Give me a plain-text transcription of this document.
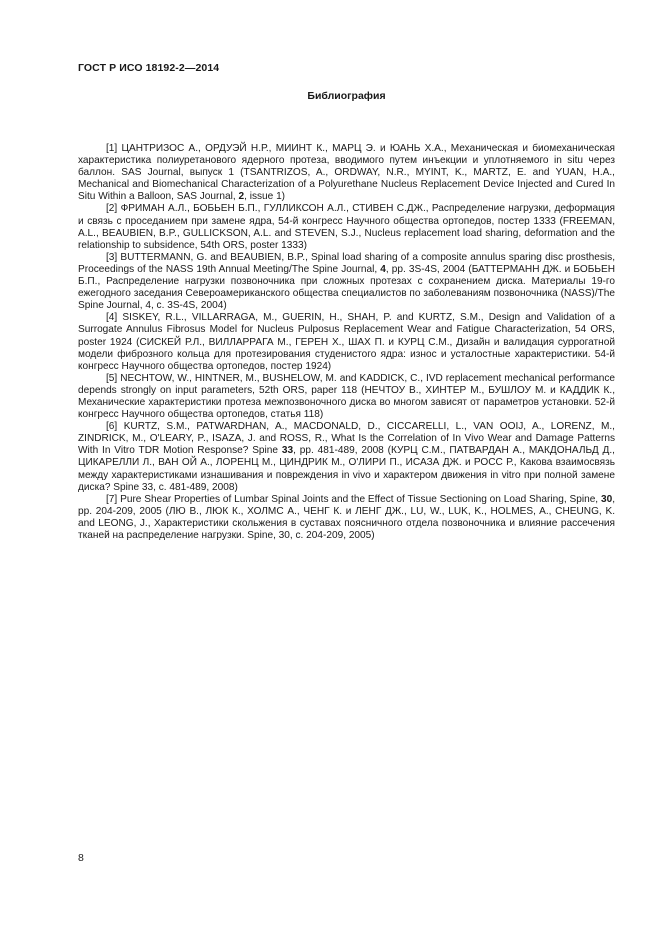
ГОСТ Р ИСО 18192-2—2014
Библиография

[1] ЦАНТРИЗОС А., ОРДУЭЙ Н.Р., МИИНТ К., МАРЦ Э. и ЮАНЬ Х.А., Механическая и биомеханическая характеристика полиуретанового ядерного протеза, вводимого путем инъекции и уплотняемого in situ через баллон. SAS Journal, выпуск 1 (TSANTRIZOS, A., ORDWAY, N.R., MYINT, K., MARTZ, E. and YUAN, H.A., Mechanical and Biomechanical Characterization of a Polyurethane Nucleus Replacement Device Injected and Cured In Situ Within a Balloon, SAS Journal, 2, issue 1)

[2] ФРИМАН А.Л., БОБЬЕН Б.П., ГУЛЛИКСОН А.Л., СТИВЕН С.ДЖ., Распределение нагрузки, деформация и связь с проседанием при замене ядра, 54-й конгресс Научного общества ортопедов, постер 1333 (FREEMAN, A.L., BEAUBIEN, B.P., GULLICKSON, A.L. and STEVEN, S.J., Nucleus replacement load sharing, deformation and the relationship to subsidence, 54th ORS, poster 1333)

[3] BUTTERMANN, G. and BEAUBIEN, B.P., Spinal load sharing of a composite annulus sparing disc prosthesis, Proceedings of the NASS 19th Annual Meeting/The Spine Journal, 4, pp. 3S-4S, 2004 (БАТТЕРМАНН ДЖ. и БОБЬЕН Б.П., Распределение нагрузки позвоночника при сложных протезах с сохранением диска. Материалы 19-го ежегодного заседания Североамериканского общества специалистов по заболеваниям позвоночника (NASS)/The Spine Journal, 4, с. 3S-4S, 2004)

[4] SISKEY, R.L., VILLARRAGA, M., GUERIN, H., SHAH, P. and KURTZ, S.M., Design and Validation of a Surrogate Annulus Fibrosus Model for Nucleus Pulposus Replacement Wear and Fatigue Characterization, 54 ORS, poster 1924 (СИСКЕЙ Р.Л., ВИЛЛАРРАГА М., ГЕРЕН Х., ШАХ П. и КУРЦ С.М., Дизайн и валидация суррогатной модели фиброзного кольца для протезирования студенистого ядра: износ и усталостные характеристики. 54-й конгресс Научного общества ортопедов, постер 1924)

[5] NECHTOW, W., HINTNER, M., BUSHELOW, M. and KADDICK, C., IVD replacement mechanical performance depends strongly on input parameters, 52th ORS, paper 118 (НЕЧТОУ В., ХИНТЕР М., БУШЛОУ М. и КАДДИК К., Механические характеристики протеза межпозвоночного диска во многом зависят от параметров установки. 52-й конгресс Научного общества ортопедов, статья 118)

[6] KURTZ, S.M., PATWARDHAN, A., MACDONALD, D., CICCARELLI, L., VAN OOIJ, A., LORENZ, M., ZINDRICK, M., O'LEARY, P., ISAZA, J. and ROSS, R., What Is the Correlation of In Vivo Wear and Damage Patterns With In Vitro TDR Motion Response? Spine 33, pp. 481-489, 2008 (КУРЦ С.М., ПАТВАРДАН А., МАКДОНАЛЬД Д., ЦИКАРЕЛЛИ Л., ВАН ОЙ А., ЛОРЕНЦ М., ЦИНДРИК М., О'ЛИРИ П., ИСАЗА ДЖ. и РОСС Р., Какова взаимосвязь между характеристиками изнашивания и повреждения in vivo и характером движения in vitro при полной замене диска? Spine 33, с. 481-489, 2008)

[7] Pure Shear Properties of Lumbar Spinal Joints and the Effect of Tissue Sectioning on Load Sharing, Spine, 30, pp. 204-209, 2005 (ЛЮ В., ЛЮК К., ХОЛМС А., ЧЕНГ К. и ЛЕНГ ДЖ., LU, W., LUK, K., HOLMES, A., CHEUNG, K. and LEONG, J., Характеристики скольжения в суставах поясничного отдела позвоночника и влияние рассечения тканей на распределение нагрузки. Spine, 30, с. 204-209, 2005)

8
